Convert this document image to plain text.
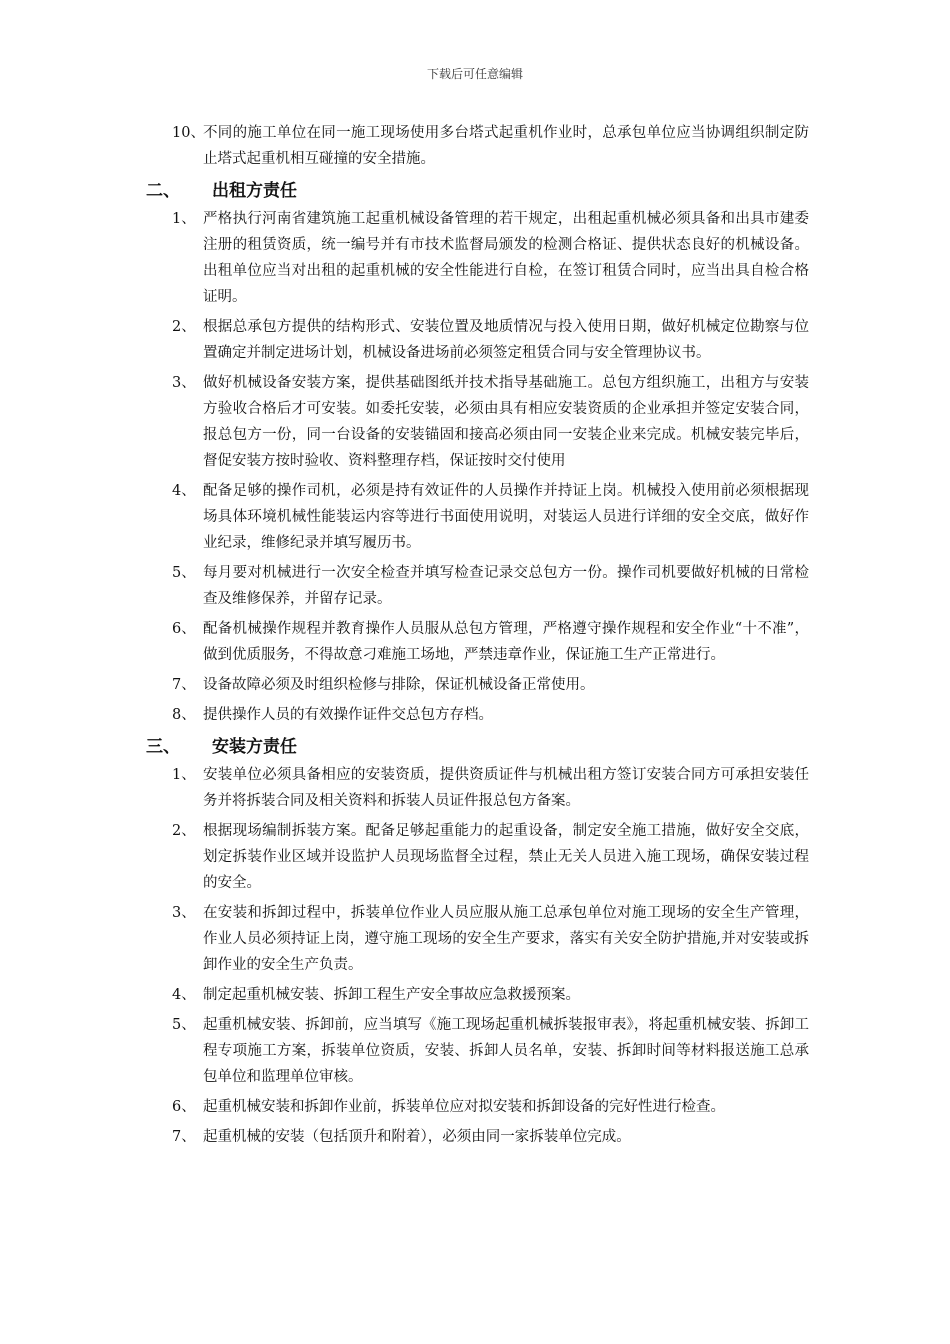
下载后可任意编辑
10、
不同的施工单位在同一施工现场使用多台塔式起重机作业时，总承包单位应当协调组织制定防止塔式起重机相互碰撞的安全措施。
二、 出租方责任
1、 严格执行河南省建筑施工起重机械设备管理的若干规定，出租起重机械必须具备和出具市建委注册的租赁资质，统一编号并有市技术监督局颁发的检测合格证、提供状态良好的机械设备。出租单位应当对出租的起重机械的安全性能进行自检，在签订租赁合同时，应当出具自检合格证明。
2、 根据总承包方提供的结构形式、安装位置及地质情况与投入使用日期，做好机械定位勘察与位置确定并制定进场计划，机械设备进场前必须签定租赁合同与安全管理协议书。
3、 做好机械设备安装方案，提供基础图纸并技术指导基础施工。总包方组织施工，出租方与安装方验收合格后才可安装。如委托安装，必须由具有相应安装资质的企业承担并签定安装合同，报总包方一份，同一台设备的安装锚固和接高必须由同一安装企业来完成。机械安装完毕后，督促安装方按时验收、资料整理存档，保证按时交付使用
4、 配备足够的操作司机，必须是持有效证件的人员操作并持证上岗。机械投入使用前必须根据现场具体环境机械性能装运内容等进行书面使用说明，对装运人员进行详细的安全交底，做好作业纪录，维修纪录并填写履历书。
5、 每月要对机械进行一次安全检查并填写检查记录交总包方一份。操作司机要做好机械的日常检查及维修保养，并留存记录。
6、 配备机械操作规程并教育操作人员服从总包方管理，严格遵守操作规程和安全作业“十不准”，做到优质服务，不得故意刁难施工场地，严禁违章作业，保证施工生产正常进行。
7、 设备故障必须及时组织检修与排除，保证机械设备正常使用。
8、 提供操作人员的有效操作证件交总包方存档。
三、 安装方责任
1、 安装单位必须具备相应的安装资质，提供资质证件与机械出租方签订安装合同方可承担安装任务并将拆装合同及相关资料和拆装人员证件报总包方备案。
2、 根据现场编制拆装方案。配备足够起重能力的起重设备，制定安全施工措施，做好安全交底，划定拆装作业区域并设监护人员现场监督全过程，禁止无关人员进入施工现场，确保安装过程的安全。
3、 在安装和拆卸过程中，拆装单位作业人员应服从施工总承包单位对施工现场的安全生产管理，作业人员必须持证上岗，遵守施工现场的安全生产要求，落实有关安全防护措施,并对安装或拆卸作业的安全生产负责。
4、 制定起重机械安装、拆卸工程生产安全事故应急救援预案。
5、 起重机械安装、拆卸前，应当填写《施工现场起重机械拆装报审表》，将起重机械安装、拆卸工程专项施工方案，拆装单位资质，安装、拆卸人员名单，安装、拆卸时间等材料报送施工总承包单位和监理单位审核。
6、 起重机械安装和拆卸作业前，拆装单位应对拟安装和拆卸设备的完好性进行检查。
7、 起重机械的安装（包括顶升和附着），必须由同一家拆装单位完成。
